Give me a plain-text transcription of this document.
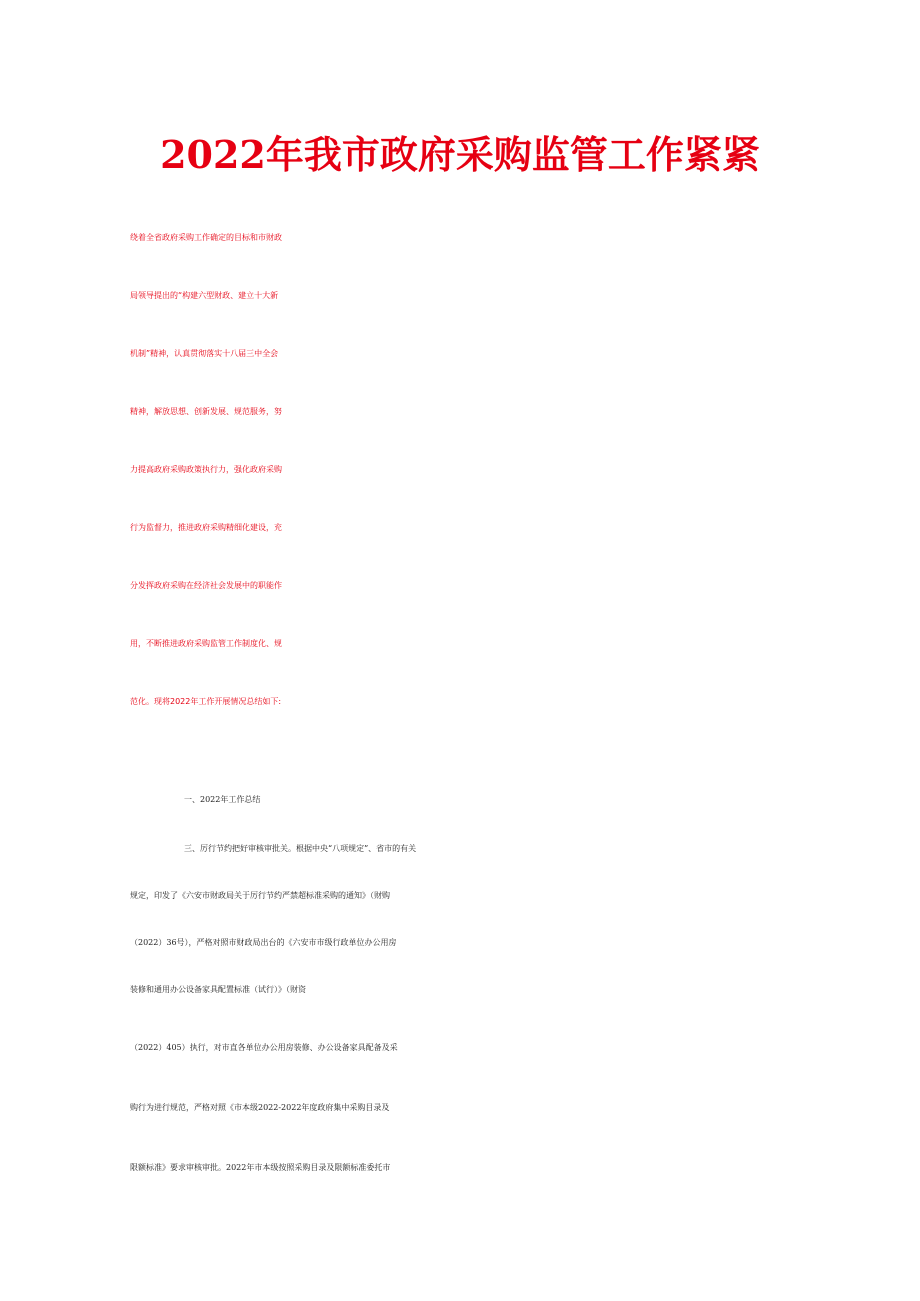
2022年我市政府采购监管工作紧紧

绕着全省政府采购工作确定的目标和市财政

局领导提出的“构建六型财政、建立十大新

机制”精神，认真贯彻落实十八届三中全会

精神，解放思想、创新发展、规范服务，努

力提高政府采购政策执行力，强化政府采购

行为监督力，推进政府采购精细化建设，充

分发挥政府采购在经济社会发展中的职能作

用，不断推进政府采购监管工作制度化、规

范化。现将2022年工作开展情况总结如下:

一、2022年工作总结

三、厉行节约把好审核审批关。根据中央“八项规定”、省市的有关

规定，印发了《六安市财政局关于厉行节约严禁超标准采购的通知》（财购

（2022）36号），严格对照市财政局出台的《六安市市级行政单位办公用房

装修和通用办公设备家具配置标准（试行）》（财资

（2022）405）执行，对市直各单位办公用房装修、办公设备家具配备及采

购行为进行规范，严格对照《市本级2022-2022年度政府集中采购目录及

限额标准》要求审核审批。2022年市本级按照采购目录及限额标准委托市
